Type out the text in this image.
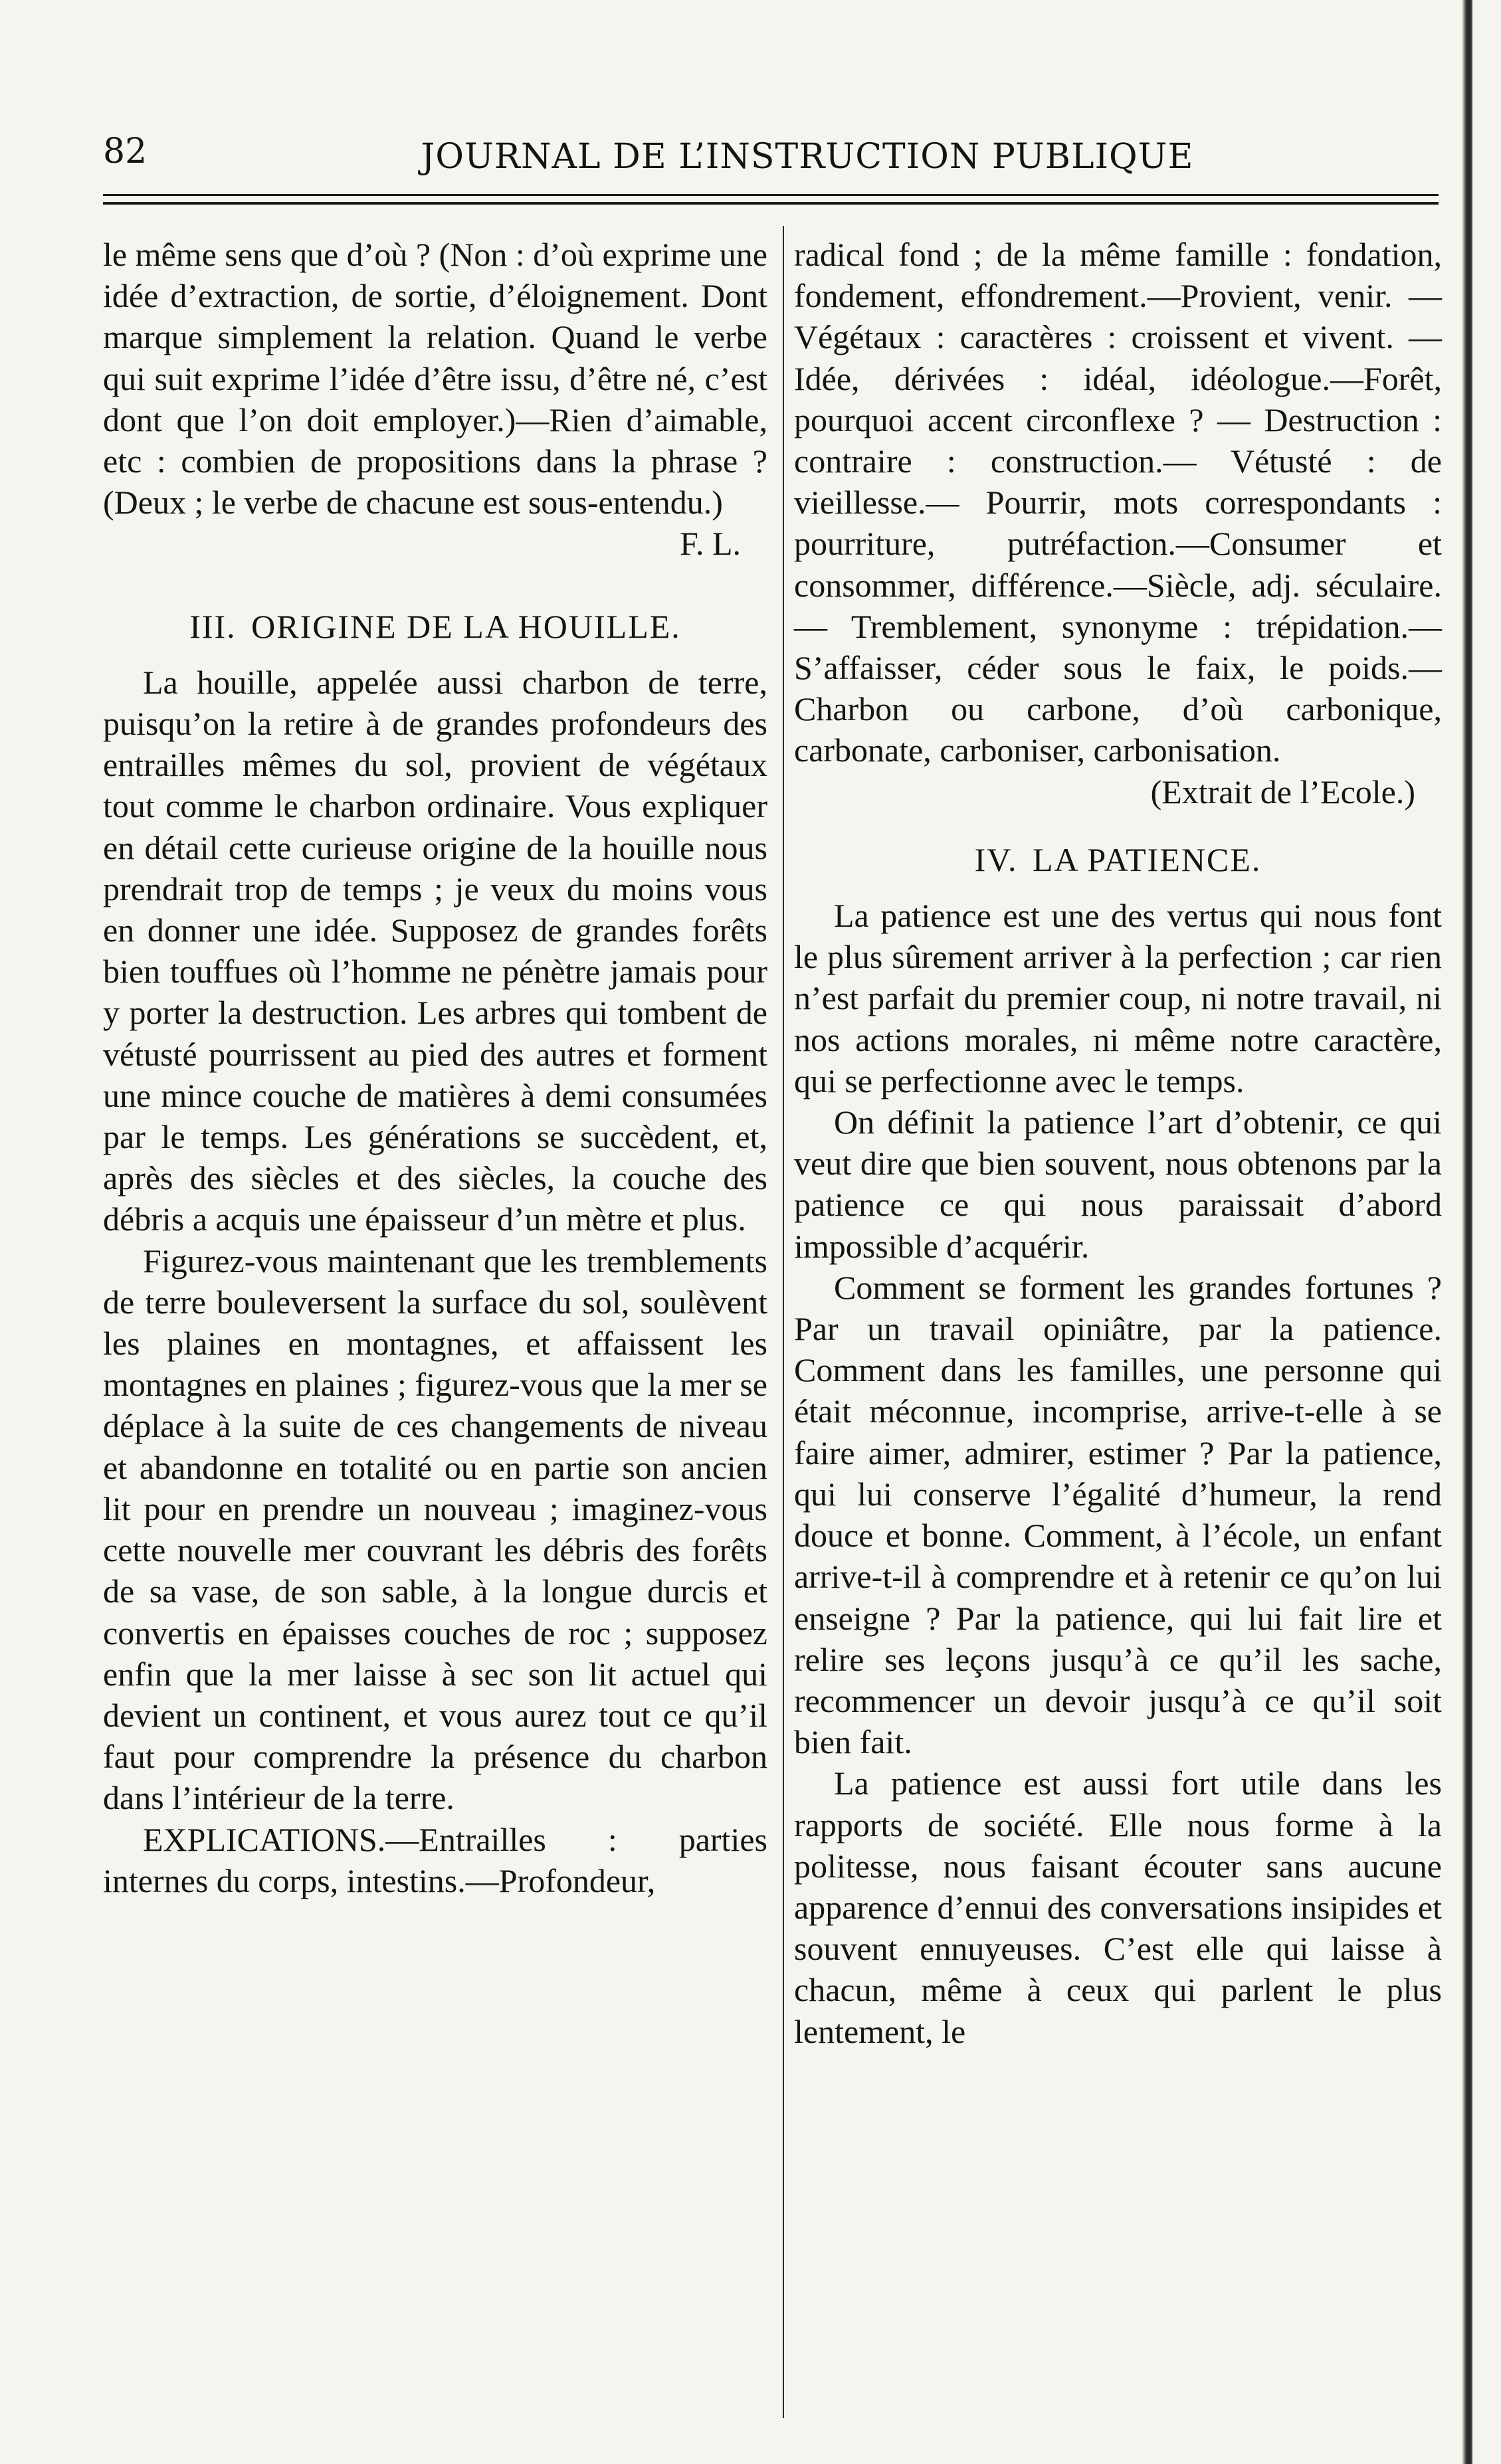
82	JOURNAL DE L’INSTRUCTION PUBLIQUE

le même sens que d’où ? (Non : d’où exprime une idée d’extraction, de sortie, d’éloignement. Dont marque simplement la relation. Quand le verbe qui suit exprime l’idée d’être issu, d’être né, c’est dont que l’on doit employer.)—Rien d’aimable, etc : combien de propositions dans la phrase ? (Deux ; le verbe de chacune est sous-entendu.)

F. L.

III. ORIGINE DE LA HOUILLE.

La houille, appelée aussi charbon de terre, puisqu’on la retire à de grandes profondeurs des entrailles mêmes du sol, provient de végétaux tout comme le charbon ordinaire. Vous expliquer en détail cette curieuse origine de la houille nous prendrait trop de temps ; je veux du moins vous en donner une idée. Supposez de grandes forêts bien touffues où l’homme ne pénètre jamais pour y porter la destruction. Les arbres qui tombent de vétusté pourrissent au pied des autres et forment une mince couche de matières à demi consumées par le temps. Les générations se succèdent, et, après des siècles et des siècles, la couche des débris a acquis une épaisseur d’un mètre et plus.

Figurez-vous maintenant que les tremblements de terre bouleversent la surface du sol, soulèvent les plaines en montagnes, et affaissent les montagnes en plaines ; figurez-vous que la mer se déplace à la suite de ces changements de niveau et abandonne en totalité ou en partie son ancien lit pour en prendre un nouveau ; imaginez-vous cette nouvelle mer couvrant les débris des forêts de sa vase, de son sable, à la longue durcis et convertis en épaisses couches de roc ; supposez enfin que la mer laisse à sec son lit actuel qui devient un continent, et vous aurez tout ce qu’il faut pour comprendre la présence du charbon dans l’intérieur de la terre.

EXPLICATIONS.—Entrailles : parties internes du corps, intestins.—Profondeur,

radical fond ; de la même famille : fondation, fondement, effondrement.—Provient, venir. — Végétaux : caractères : croissent et vivent. — Idée, dérivées : idéal, idéologue.—Forêt, pourquoi accent circonflexe ? — Destruction : contraire : construction.— Vétusté : de vieillesse.— Pourrir, mots correspondants : pourriture, putréfaction.—Consumer et consommer, différence.—Siècle, adj. séculaire.— Tremblement, synonyme : trépidation.— S’affaisser, céder sous le faix, le poids.— Charbon ou carbone, d’où carbonique, carbonate, carboniser, carbonisation.

(Extrait de l’Ecole.)

IV. LA PATIENCE.

La patience est une des vertus qui nous font le plus sûrement arriver à la perfection ; car rien n’est parfait du premier coup, ni notre travail, ni nos actions morales, ni même notre caractère, qui se perfectionne avec le temps.

On définit la patience l’art d’obtenir, ce qui veut dire que bien souvent, nous obtenons par la patience ce qui nous paraissait d’abord impossible d’acquérir.

Comment se forment les grandes fortunes ? Par un travail opiniâtre, par la patience. Comment dans les familles, une personne qui était méconnue, incomprise, arrive-t-elle à se faire aimer, admirer, estimer ? Par la patience, qui lui conserve l’égalité d’humeur, la rend douce et bonne. Comment, à l’école, un enfant arrive-t-il à comprendre et à retenir ce qu’on lui enseigne ? Par la patience, qui lui fait lire et relire ses leçons jusqu’à ce qu’il les sache, recommencer un devoir jusqu’à ce qu’il soit bien fait.

La patience est aussi fort utile dans les rapports de société. Elle nous forme à la politesse, nous faisant écouter sans aucune apparence d’ennui des conversations insipides et souvent ennuyeuses. C’est elle qui laisse à chacun, même à ceux qui parlent le plus lentement, le
